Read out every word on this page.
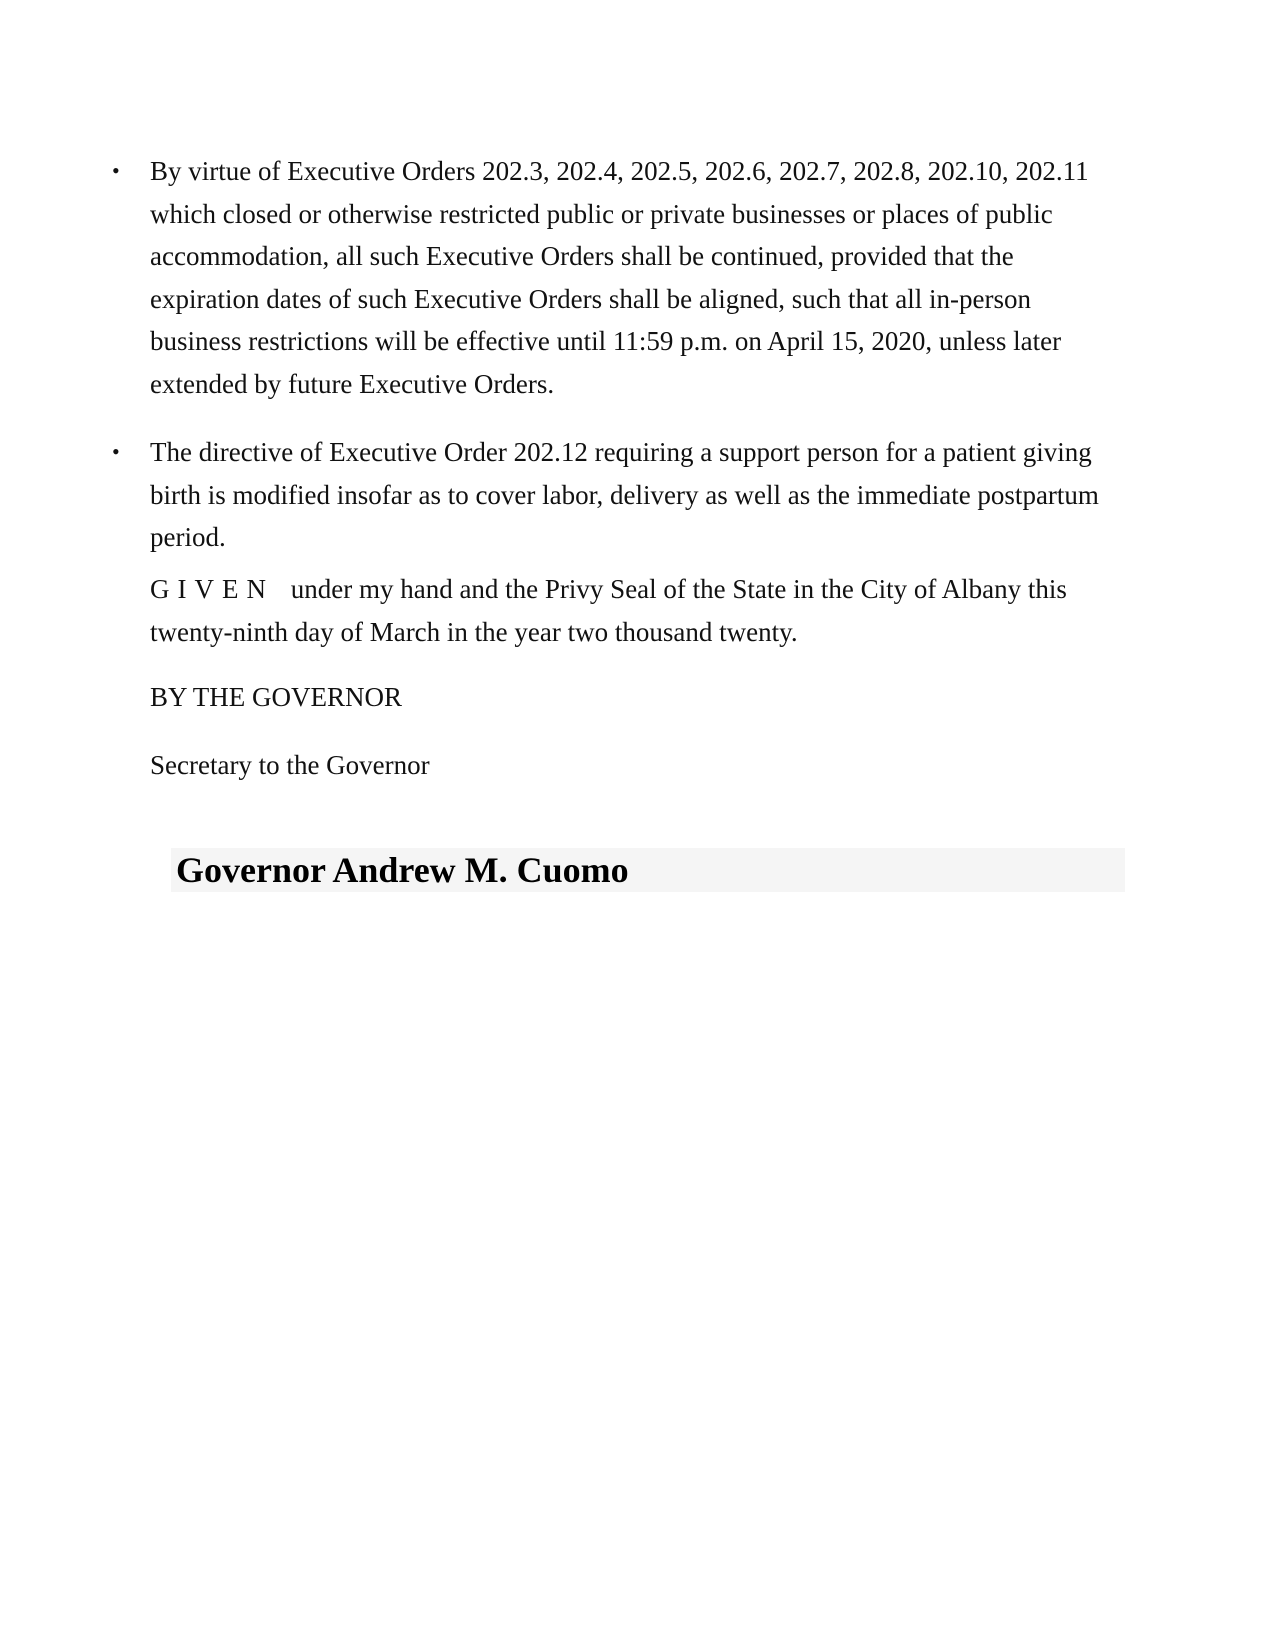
• By virtue of Executive Orders 202.3, 202.4, 202.5, 202.6, 202.7, 202.8, 202.10, 202.11 which closed or otherwise restricted public or private businesses or places of public accommodation, all such Executive Orders shall be continued, provided that the expiration dates of such Executive Orders shall be aligned, such that all in-person business restrictions will be effective until 11:59 p.m. on April 15, 2020, unless later extended by future Executive Orders.
• The directive of Executive Order 202.12 requiring a support person for a patient giving birth is modified insofar as to cover labor, delivery as well as the immediate postpartum period.

GIVEN under my hand and the Privy Seal of the State in the City of Albany this twenty-ninth day of March in the year two thousand twenty.

BY THE GOVERNOR

Secretary to the Governor

Governor Andrew M. Cuomo
